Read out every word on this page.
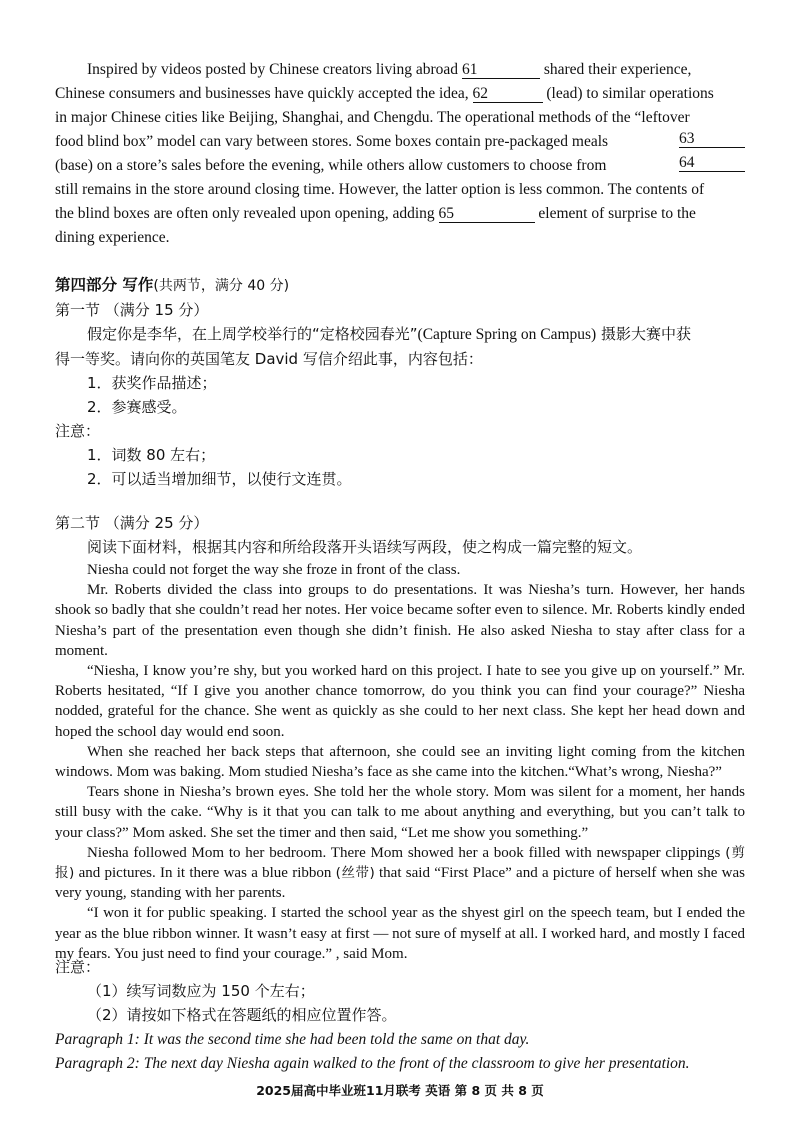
Inspired by videos posted by Chinese creators living abroad 61	shared their experience,
Chinese consumers and businesses have quickly accepted the idea, 62	(lead) to similar operations
in major Chinese cities like Beijing, Shanghai, and Chengdu. The operational methods of the “leftover
food blind box” model can vary between stores. Some boxes contain pre-packaged meals	63
(base) on a store’s sales before the evening, while others allow customers to choose from	64
still remains in the store around closing time. However, the latter option is less common. The contents of
the blind boxes are often only revealed upon opening, adding 65	element of surprise to the
dining experience.
第四部分 写作(共两节，满分 40 分)
第一节 （满分 15 分）
假定你是李华，在上周学校举行的“定格校园春光”(Capture Spring on Campus) 摄影大赛中获
得一等奖。请向你的英国笔友 David 写信介绍此事，内容包括：
1．获奖作品描述；
2．参赛感受。
注意：
1．词数 80 左右；
2．可以适当增加细节，以使行文连贯。
第二节 （满分 25 分）
阅读下面材料，根据其内容和所给段落开头语续写两段，使之构成一篇完整的短文。

Niesha could not forget the way she froze in front of the class.

Mr. Roberts divided the class into groups to do presentations. It was Niesha’s turn. However, her hands shook so badly that she couldn’t read her notes. Her voice became softer even to silence. Mr. Roberts kindly ended Niesha’s part of the presentation even though she didn’t finish. He also asked Niesha to stay after class for a moment.

“Niesha, I know you’re shy, but you worked hard on this project. I hate to see you give up on yourself.” Mr. Roberts hesitated, “If I give you another chance tomorrow, do you think you can find your courage?” Niesha nodded, grateful for the chance. She went as quickly as she could to her next class. She kept her head down and hoped the school day would end soon.

When she reached her back steps that afternoon, she could see an inviting light coming from the kitchen windows. Mom was baking. Mom studied Niesha’s face as she came into the kitchen.“What’s wrong, Niesha?”

Tears shone in Niesha’s brown eyes. She told her the whole story. Mom was silent for a moment, her hands still busy with the cake. “Why is it that you can talk to me about anything and everything, but you can’t talk to your class?” Mom asked. She set the timer and then said, “Let me show you something.”

Niesha followed Mom to her bedroom. There Mom showed her a book filled with newspaper clippings (剪报) and pictures. In it there was a blue ribbon (丝带) that said “First Place” and a picture of herself when she was very young, standing with her parents.

“I won it for public speaking. I started the school year as the shyest girl on the speech team, but I ended the year as the blue ribbon winner. It wasn’t easy at first — not sure of myself at all. I worked hard, and mostly I faced my fears. You just need to find your courage.” , said Mom.

注意：
（1）续写词数应为 150 个左右；
（2）请按如下格式在答题纸的相应位置作答。
Paragraph 1: It was the second time she had been told the same on that day.
Paragraph 2: The next day Niesha again walked to the front of the classroom to give her presentation.
2025届高中毕业班11月联考 英语 第 8 页 共 8 页
